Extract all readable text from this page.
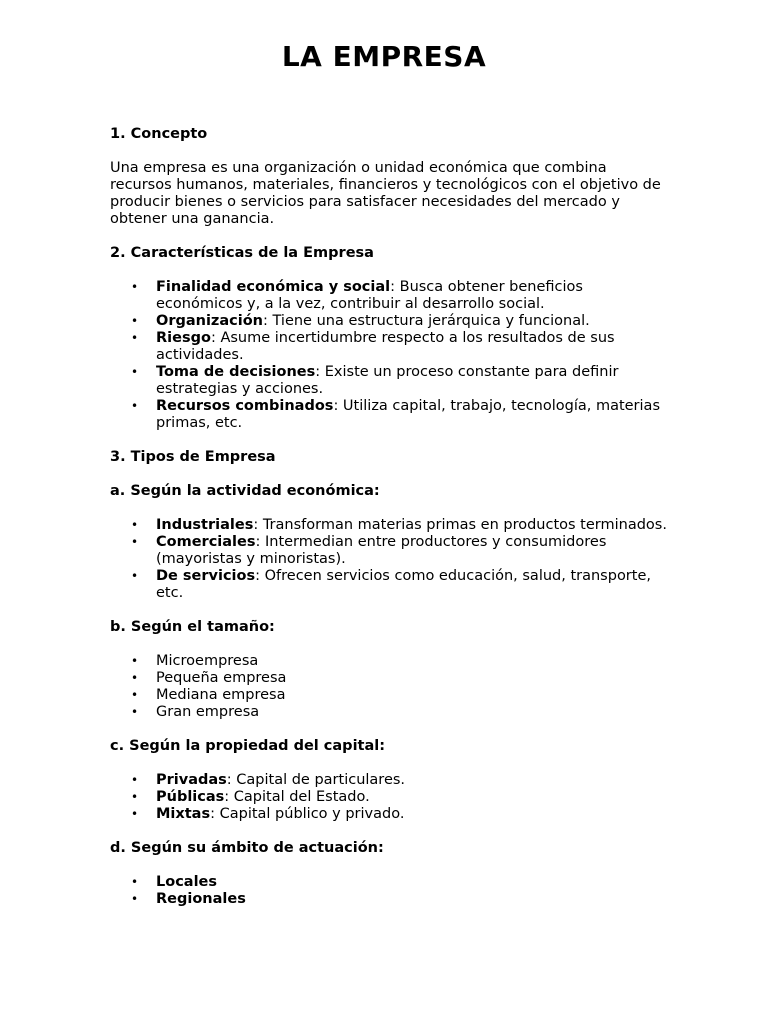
LA EMPRESA

1. Concepto

Una empresa es una organización o unidad económica que combina recursos humanos, materiales, financieros y tecnológicos con el objetivo de producir bienes o servicios para satisfacer necesidades del mercado y obtener una ganancia.

2. Características de la Empresa

• Finalidad económica y social: Busca obtener beneficios económicos y, a la vez, contribuir al desarrollo social.
• Organización: Tiene una estructura jerárquica y funcional.
• Riesgo: Asume incertidumbre respecto a los resultados de sus actividades.
• Toma de decisiones: Existe un proceso constante para definir estrategias y acciones.
• Recursos combinados: Utiliza capital, trabajo, tecnología, materias primas, etc.

3. Tipos de Empresa

a. Según la actividad económica:

• Industriales: Transforman materias primas en productos terminados.
• Comerciales: Intermedian entre productores y consumidores (mayoristas y minoristas).
• De servicios: Ofrecen servicios como educación, salud, transporte, etc.

b. Según el tamaño:

• Microempresa
• Pequeña empresa
• Mediana empresa
• Gran empresa

c. Según la propiedad del capital:

• Privadas: Capital de particulares.
• Públicas: Capital del Estado.
• Mixtas: Capital público y privado.

d. Según su ámbito de actuación:

• Locales
• Regionales
